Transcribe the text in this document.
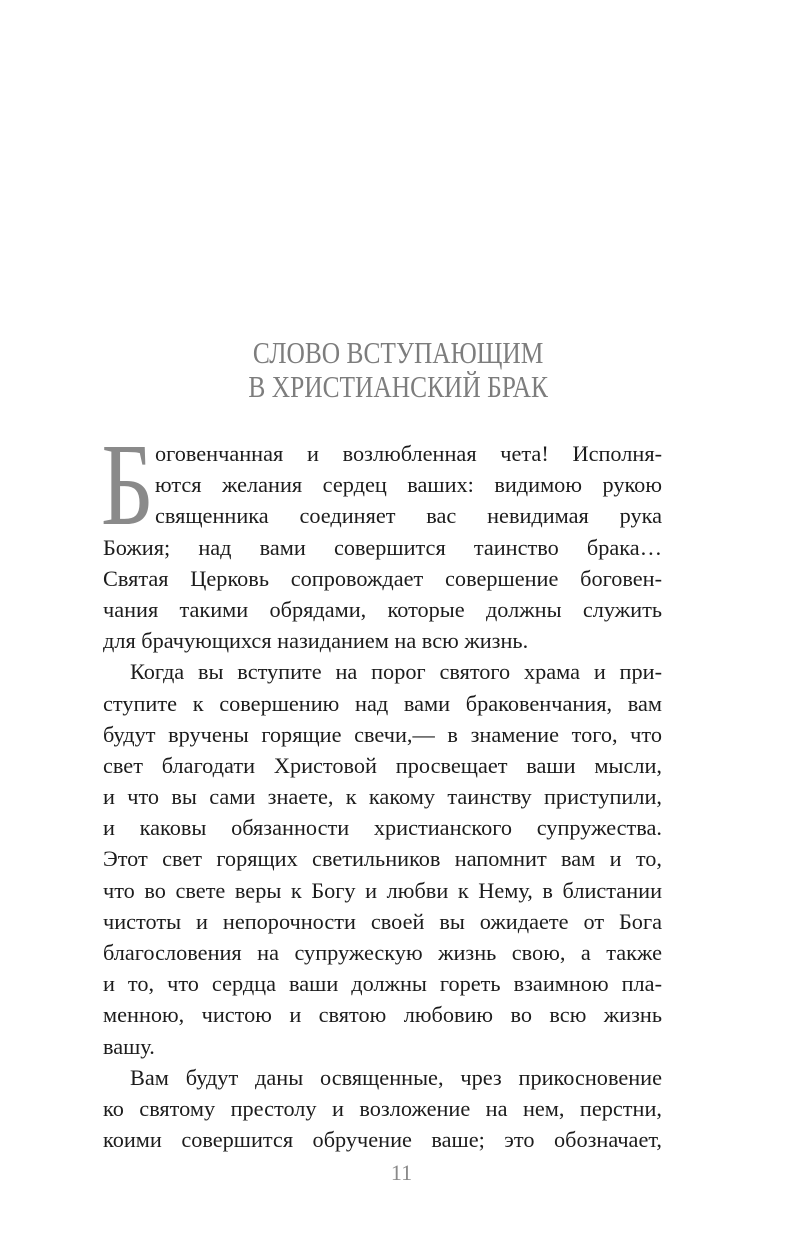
СЛОВО ВСТУПАЮЩИМ
В ХРИСТИАНСКИЙ БРАК
Б оговенчанная и возлюбленная чета! Исполня-
ются желания сердец ваших: видимою рукою
священника соединяет вас невидимая рука
Божия; над вами совершится таинство брака…
Святая Церковь сопровождает совершение боговен-
чания такими обрядами, которые должны служить
для брачующихся назиданием на всю жизнь.
Когда вы вступите на порог святого храма и при-
ступите к совершению над вами браковенчания, вам
будут вручены горящие свечи,— в знамение того, что
свет благодати Христовой просвещает ваши мысли,
и что вы сами знаете, к какому таинству приступили,
и каковы обязанности христианского супружества.
Этот свет горящих светильников напомнит вам и то,
что во свете веры к Богу и любви к Нему, в блистании
чистоты и непорочности своей вы ожидаете от Бога
благословения на супружескую жизнь свою, а также
и то, что сердца ваши должны гореть взаимною пла-
менною, чистою и святою любовию во всю жизнь
вашу.
Вам будут даны освященные, чрез прикосновение
ко святому престолу и возложение на нем, перстни,
коими совершится обручение ваше; это обозначает,
11
